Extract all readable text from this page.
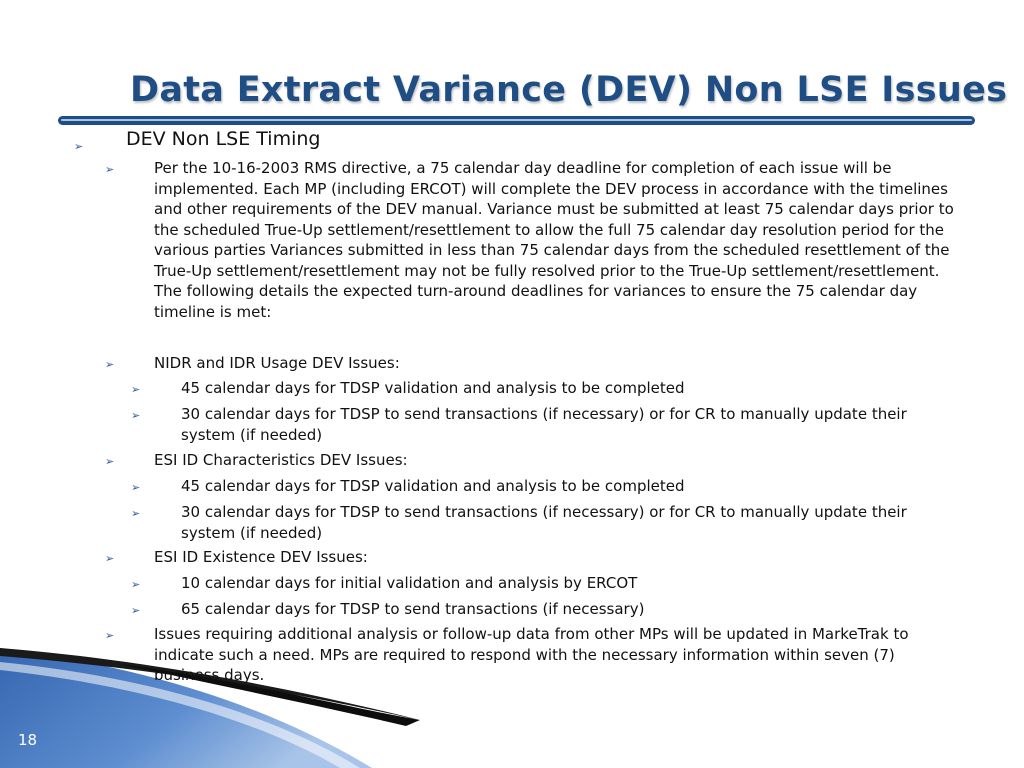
Data Extract Variance (DEV) Non LSE Issues
➢ DEV Non LSE Timing
➢	Per the 10-16-2003 RMS directive, a 75 calendar day deadline for completion of each issue will be implemented. Each MP (including ERCOT) will complete the DEV process in accordance with the timelines and other requirements of the DEV manual. Variance must be submitted at least 75 calendar days prior to the scheduled True-Up settlement/resettlement to allow the full 75 calendar day resolution period for the various parties Variances submitted in less than 75 calendar days from the scheduled resettlement of the True-Up settlement/resettlement may not be fully resolved prior to the True-Up settlement/resettlement. The following details the expected turn-around deadlines for variances to ensure the 75 calendar day timeline is met:
➢	NIDR and IDR Usage DEV Issues:
➢	45 calendar days for TDSP validation and analysis to be completed
➢	30 calendar days for TDSP to send transactions (if necessary) or for CR to manually update their system (if needed)
➢	ESI ID Characteristics DEV Issues:
➢	45 calendar days for TDSP validation and analysis to be completed
➢	30 calendar days for TDSP to send transactions (if necessary) or for CR to manually update their system (if needed)
➢	ESI ID Existence DEV Issues:
➢	10 calendar days for initial validation and analysis by ERCOT
➢	65 calendar days for TDSP to send transactions (if necessary)
➢	Issues requiring additional analysis or follow-up data from other MPs will be updated in MarkeTrak to indicate such a need. MPs are required to respond with the necessary information within seven (7) business days.
18
